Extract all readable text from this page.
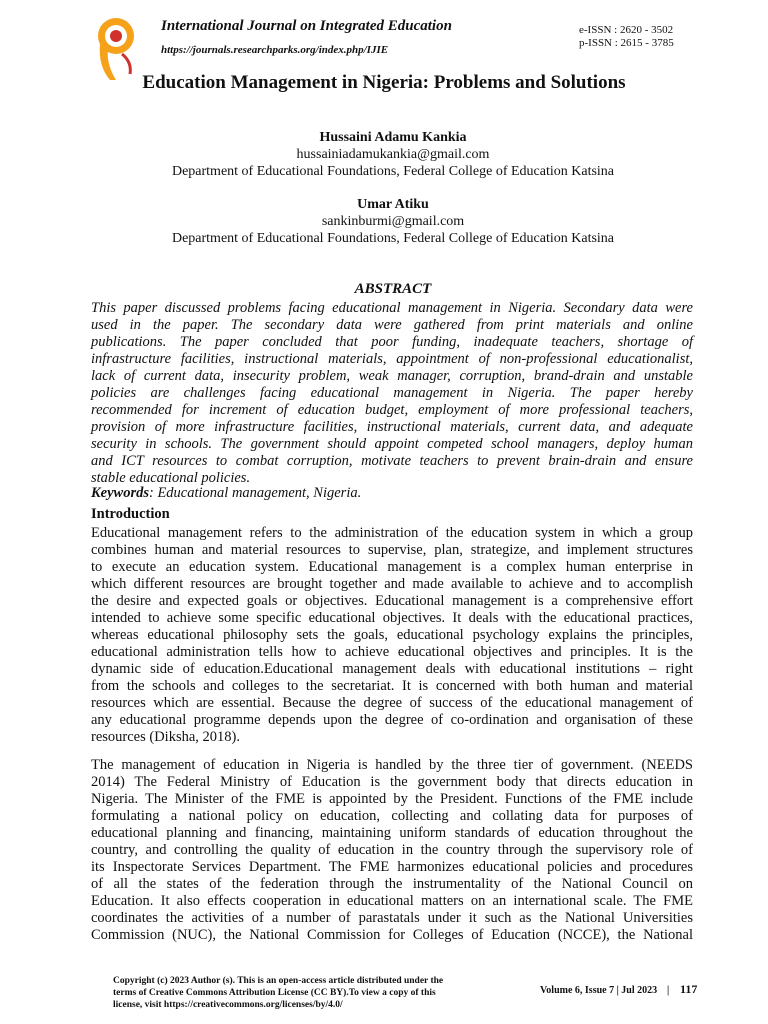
International Journal on Integrated Education
https://journals.researchparks.org/index.php/IJIE
e-ISSN : 2620 - 3502
p-ISSN : 2615 - 3785
Education Management in Nigeria: Problems and Solutions
Hussaini Adamu Kankia
hussainiadamukankia@gmail.com
Department of Educational Foundations, Federal College of Education Katsina
Umar Atiku
sankinburmi@gmail.com
Department of Educational Foundations, Federal College of Education Katsina
ABSTRACT
This paper discussed problems facing educational management in Nigeria. Secondary data were
used in the paper. The secondary data were gathered from print materials and online
publications. The paper concluded that poor funding, inadequate teachers, shortage of
infrastructure facilities, instructional materials, appointment of non-professional educationalist,
lack of current data, insecurity problem, weak manager, corruption, brand-drain and unstable
policies are challenges facing educational management in Nigeria. The paper hereby
recommended for increment of education budget, employment of more professional teachers,
provision of more infrastructure facilities, instructional materials, current data, and adequate
security in schools. The government should appoint competed school managers, deploy human
and ICT resources to combat corruption, motivate teachers to prevent brain-drain and ensure
stable educational policies.
Keywords: Educational management, Nigeria.
Introduction
Educational management refers to the administration of the education system in which a group
combines human and material resources to supervise, plan, strategize, and implement structures
to execute an education system. Educational management is a complex human enterprise in
which different resources are brought together and made available to achieve and to accomplish
the desire and expected goals or objectives. Educational management is a comprehensive effort
intended to achieve some specific educational objectives. It deals with the educational practices,
whereas educational philosophy sets the goals, educational psychology explains the principles,
educational administration tells how to achieve educational objectives and principles. It is the
dynamic side of education.Educational management deals with educational institutions – right
from the schools and colleges to the secretariat. It is concerned with both human and material
resources which are essential. Because the degree of success of the educational management of
any educational programme depends upon the degree of co-ordination and organisation of these
resources (Diksha, 2018).
The management of education in Nigeria is handled by the three tier of government. (NEEDS
2014) The Federal Ministry of Education is the government body that directs education in
Nigeria. The Minister of the FME is appointed by the President. Functions of the FME include
formulating a national policy on education, collecting and collating data for purposes of
educational planning and financing, maintaining uniform standards of education throughout the
country, and controlling the quality of education in the country through the supervisory role of
its Inspectorate Services Department. The FME harmonizes educational policies and procedures
of all the states of the federation through the instrumentality of the National Council on
Education. It also effects cooperation in educational matters on an international scale. The FME
coordinates the activities of a number of parastatals under it such as the National Universities
Commission (NUC), the National Commission for Colleges of Education (NCCE), the National
Copyright (c) 2023 Author (s). This is an open-access article distributed under the
terms of Creative Commons Attribution License (CC BY).To view a copy of this
license, visit https://creativecommons.org/licenses/by/4.0/
Volume 6, Issue 7 | Jul 2023 | 117
